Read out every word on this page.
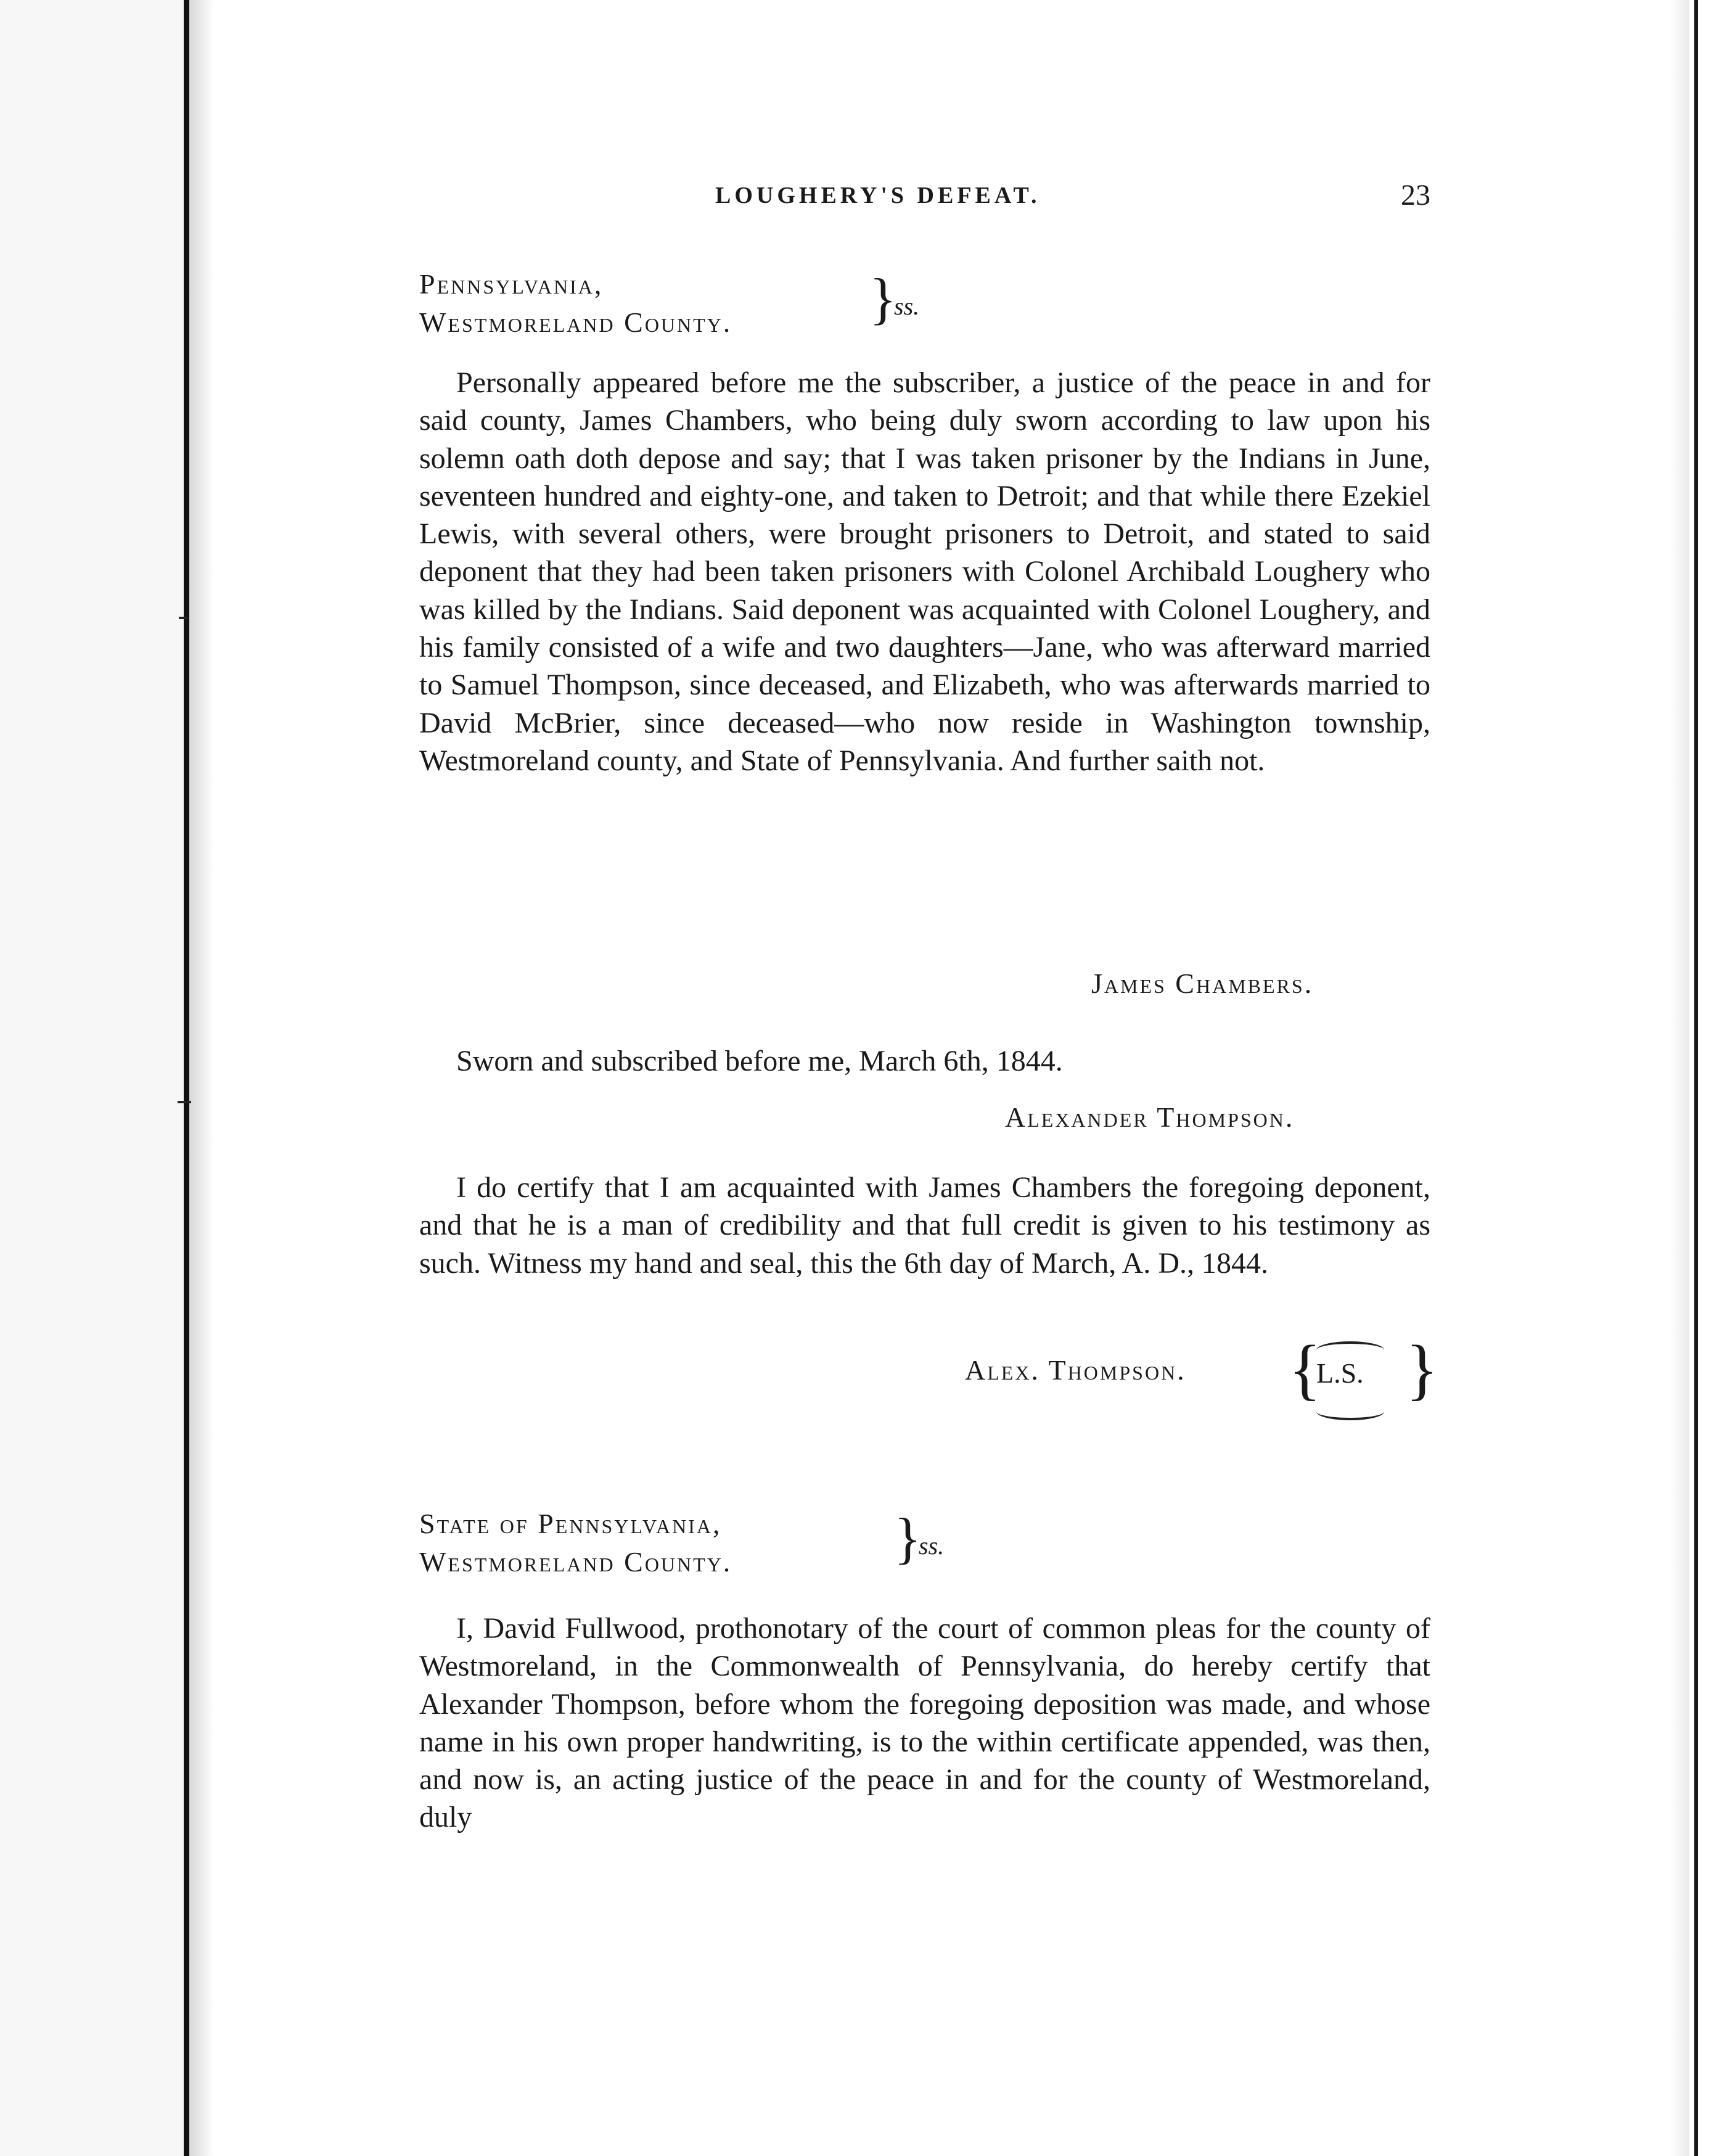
LOUGHERY'S DEFEAT.	23
Pennsylvania,
Westmoreland County.	}
ss.
Personally appeared before me the subscriber, a justice of the peace in and for said county, James Chambers, who being duly sworn according to law upon his solemn oath doth depose and say; that I was taken prisoner by the Indians in June, seventeen hundred and eighty-one, and taken to Detroit; and that while there Ezekiel Lewis, with several others, were brought prisoners to Detroit, and stated to said deponent that they had been taken prisoners with Colonel Archibald Loughery who was killed by the Indians. Said deponent was acquainted with Colonel Loughery, and his family consisted of a wife and two daughters—Jane, who was afterward married to Samuel Thompson, since deceased, and Elizabeth, who was afterwards married to David McBrier, since deceased—who now reside in Washington township, Westmoreland county, and State of Pennsylvania. And further saith not.
James Chambers.
Sworn and subscribed before me, March 6th, 1844.
Alexander Thompson.
I do certify that I am acquainted with James Chambers the foregoing deponent, and that he is a man of credibility and that full credit is given to his testimony as such. Witness my hand and seal, this the 6th day of March, A. D., 1844.
Alex. Thompson.
State of Pennsylvania,
Westmoreland County.	}
ss.
I, David Fullwood, prothonotary of the court of common pleas for the county of Westmoreland, in the Commonwealth of Pennsylvania, do hereby certify that Alexander Thompson, before whom the foregoing deposition was made, and whose name in his own proper handwriting, is to the within certificate appended, was then, and now is, an acting justice of the peace in and for the county of Westmoreland, duly
{
L.S. }
